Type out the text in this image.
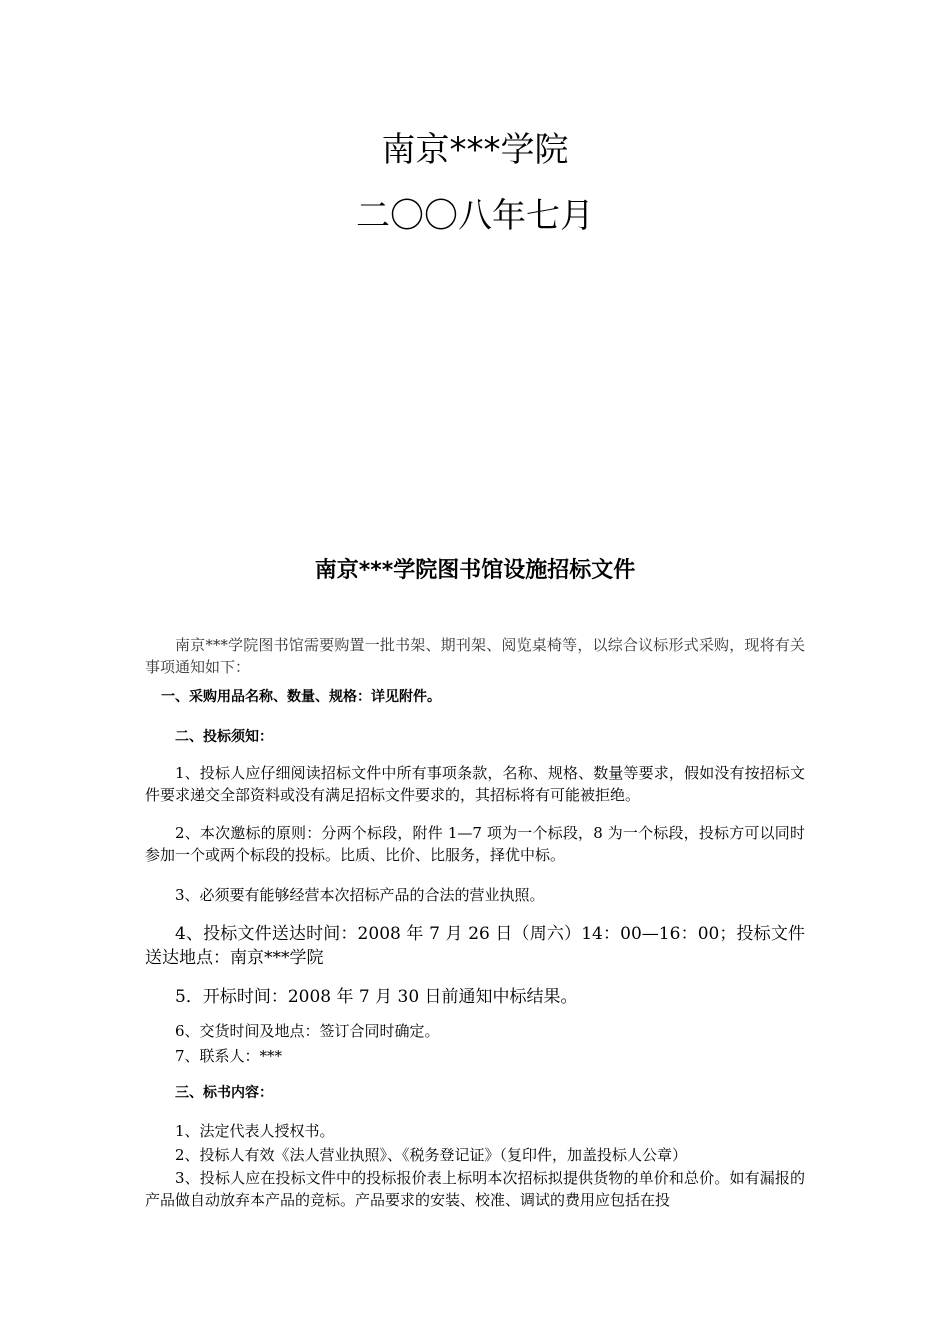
南京***学院
二〇〇八年七月
南京***学院图书馆设施招标文件
南京***学院图书馆需要购置一批书架、期刊架、阅览桌椅等，以综合议标形式采购，现将有关事项通知如下：
一、采购用品名称、数量、规格：详见附件。
二、投标须知：
1、投标人应仔细阅读招标文件中所有事项条款，名称、规格、数量等要求，假如没有按招标文件要求递交全部资料或没有满足招标文件要求的，其招标将有可能被拒绝。
2、本次邀标的原则：分两个标段，附件 1—7 项为一个标段，8 为一个标段，投标方可以同时参加一个或两个标段的投标。比质、比价、比服务，择优中标。
3、必须要有能够经营本次招标产品的合法的营业执照。
4、投标文件送达时间：2008 年 7 月 26 日（周六）14：00—16：00；投标文件送达地点：南京***学院
5．开标时间：2008 年 7 月 30 日前通知中标结果。
6、交货时间及地点：签订合同时确定。
7、联系人：***
三、标书内容：
1、法定代表人授权书。
2、投标人有效《法人营业执照》、《税务登记证》（复印件，加盖投标人公章）
3、投标人应在投标文件中的投标报价表上标明本次招标拟提供货物的单价和总价。如有漏报的产品做自动放弃本产品的竞标。产品要求的安装、校准、调试的费用应包括在投
